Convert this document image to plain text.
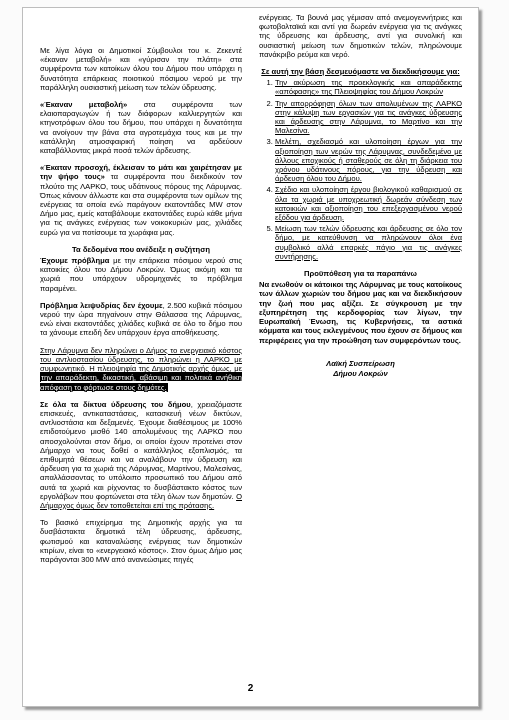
Με λίγα λόγια οι Δημοτικοί Σύμβουλοι του κ. Ζεκεντέ «έκαναν μεταβολή» και «γύρισαν την πλάτη» στα συμφέροντα των κατοίκων όλου του Δήμου που υπάρχει η δυνατότητα επάρκειας ποιοτικού πόσιμου νερού με την παράλληλη ουσιαστική μείωση των τελών ύδρευσης.

«Έκαναν μεταβολή» στα συμφέροντα των ελαιοπαραγωγών ή των διάφορων καλλιεργητών και κτηνοτρόφων όλου του δήμου, που υπάρχει η δυνατότητα να ανοίγουν την βάνα στα αγροτεμάχια τους και με την κατάλληλη ατμοσφαιρική ποίηση να αρδεύουν καταβάλλοντας μικρά ποσά τελών άρδευσης.

«Έκαταν προσοχή, έκλεισαν το μάτι και χαιρέτησαν με την ψήφο τους» τα συμφέροντα που διεκδικούν τον πλούτο της ΛΑΡΚΟ, τους υδάτινους πόρους της Λάρυμνας. Όπως κάνουν άλλωστε και στα συμφέροντα των ομίλων της ενέργειας τα οποία ενώ παράγουν εκατοντάδες MW στον Δήμο μας, εμείς καταβάλουμε εκατοντάδες ευρώ κάθε μήνα για τις ανάγκες ενέργειας των νοικοκυριών μας, χιλιάδες ευρώ για να ποτίσουμε τα χωράφια μας.

Τα δεδομένα που ανέδειξε η συζήτηση

Έχουμε πρόβλημα με την επάρκεια πόσιμου νερού στις κατοικίες όλου του Δήμου Λοκρών. Όμως ακόμη και τα χωριά που υπάρχουν υδρομηχανές το πρόβλημα παραμένει.

Πρόβλημα λειψυδρίας δεν έχουμε, 2.500 κυβικά πόσιμου νερού την ώρα πηγαίνουν στην Θάλασσα της Λάρυμνας, ενώ είναι εκατοντάδες χιλιάδες κυβικά σε όλο το δήμο που τα χάνουμε επειδή δεν υπάρχουν έργα αποθήκευσης.

Στην Λάρυμνα δεν πληρώνει ο Δήμος το ενεργειακό κόστος του αντλιοστασίου ύδρευσης, το πληρώνει η ΛΑΡΚΟ με συμφωνητικό. Η πλειοψηφία της Δημοτικής αρχής όμως, με την απαράδεκτη, δικαστική, αβάσιμη και πολιτικά ανήθικη απόφαση το φόρτωσε στους δημότες.

Σε όλα τα δίκτυα ύδρευσης του δήμου, χρειαζόμαστε επισκευές, αντικαταστάσεις, κατασκευή νέων δικτύων, αντλιοστάσια και δεξαμενές. Έχουμε διαθέσιμους με 100% επιδοτούμενο μισθό 140 απολυμένους της ΛΑΡΚΟ που αποσχολούνται στον δήμο, οι οποίοι έχουν προτείνει στον Δήμαρχο να τους δοθεί ο κατάλληλος εξοπλισμός, τα επιθυμητά θέσεων και να αναλάβουν την ύδρευση και άρδευση για τα χωριά της Λάρυμνας, Μαρτίνου, Μαλεσίνας, απαλλάσσοντας το υπόλοιπο προσωπικό του Δήμου από αυτά τα χωριά και ρίχνοντας το δυσβάστακτο κόστος των εργολάβων που φορτώνεται στα τέλη όλων των δημοτών. Ο Δήμαρχος όμως δεν τοποθετείται επί της πρότασης.

Το βασικό επιχείρημα της Δημοτικής αρχής για τα δυσβάστακτα δημοτικά τέλη ύδρευσης, άρδευσης, φωτισμού και καταναλώσης ενέργειας των δημοτικών κτιρίων, είναι το «ενεργειακό κόστος». Στον όμως Δήμο μας παράγονται 300 MW από ανανεώσιμες πηγές

ενέργειας. Τα βουνά μας γέμισαν από ανεμογεννήτριες και φωτοβολταϊκά και αντί για δωρεάν ενέργεια για τις ανάγκες της ύδρευσης και άρδευσης, αντί για συνολική και ουσιαστική μείωση των δημοτικών τελών, πληρώνουμε πανάκριβο ρεύμα και νερό.

Σε αυτή την βάση δεσμευόμαστε να διεκδικήσουμε για:
1. Την ακύρωση της προεκλογικής και απαράδεκτης «απόφασης» της Πλειοψηφίας του Δήμου Λοκρών
2. Την απορρόφηση όλων των απολυμένων της ΛΑΡΚΟ στην κάλυψη των εργασιών για τις ανάγκες ύδρευσης και άρδευσης στην Λάρυμνα, το Μαρτίνο και την Μαλεσίνα.
3. Μελέτη, σχεδιασμό και υλοποίηση έργων για την αξιοποίηση των νερών της Λάρυμνας, συνδεδεμένο με άλλους εποχικούς ή σταθερούς σε όλη τη διάρκεια του χρόνου υδάτινους πόρους, για την ύδρευση και άρδευση όλου του Δήμου.
4. Σχέδιο και υλοποίηση έργου βιολογικού καθαρισμού σε όλα τα χωριά με υποχρεωτική δωρεάν σύνδεση των κατοικιών και αξιοποίηση του επεξεργασμένου νερού εξόδου για άρδευση.
5. Μείωση των τελών ύδρευσης και άρδευσης σε όλο τον δήμο, με κατεύθυνση να πληρώνουν όλοι ένα συμβολικό αλλά επαρκές πάγιο για τις ανάγκες συντήρησης.
Προϋπόθεση για τα παραπάνω

Να ενωθούν οι κάτοικοι της Λάρυμνας με τους κατοίκους των άλλων χωριών του δήμου μας και να διεκδικήσουν την ζωή που μας αξίζει. Σε σύγκρουση με την εξυπηρέτηση της κερδοφορίας των λίγων, την Ευρωπαϊκή Ένωση, τις Κυβερνήσεις, τα αστικά κόμματα και τους εκλεγμένους που έχουν σε δήμους και περιφέρειες για την προώθηση των συμφερόντων τους.

Λαϊκή Συσπείρωση
Δήμου Λοκρών
2
